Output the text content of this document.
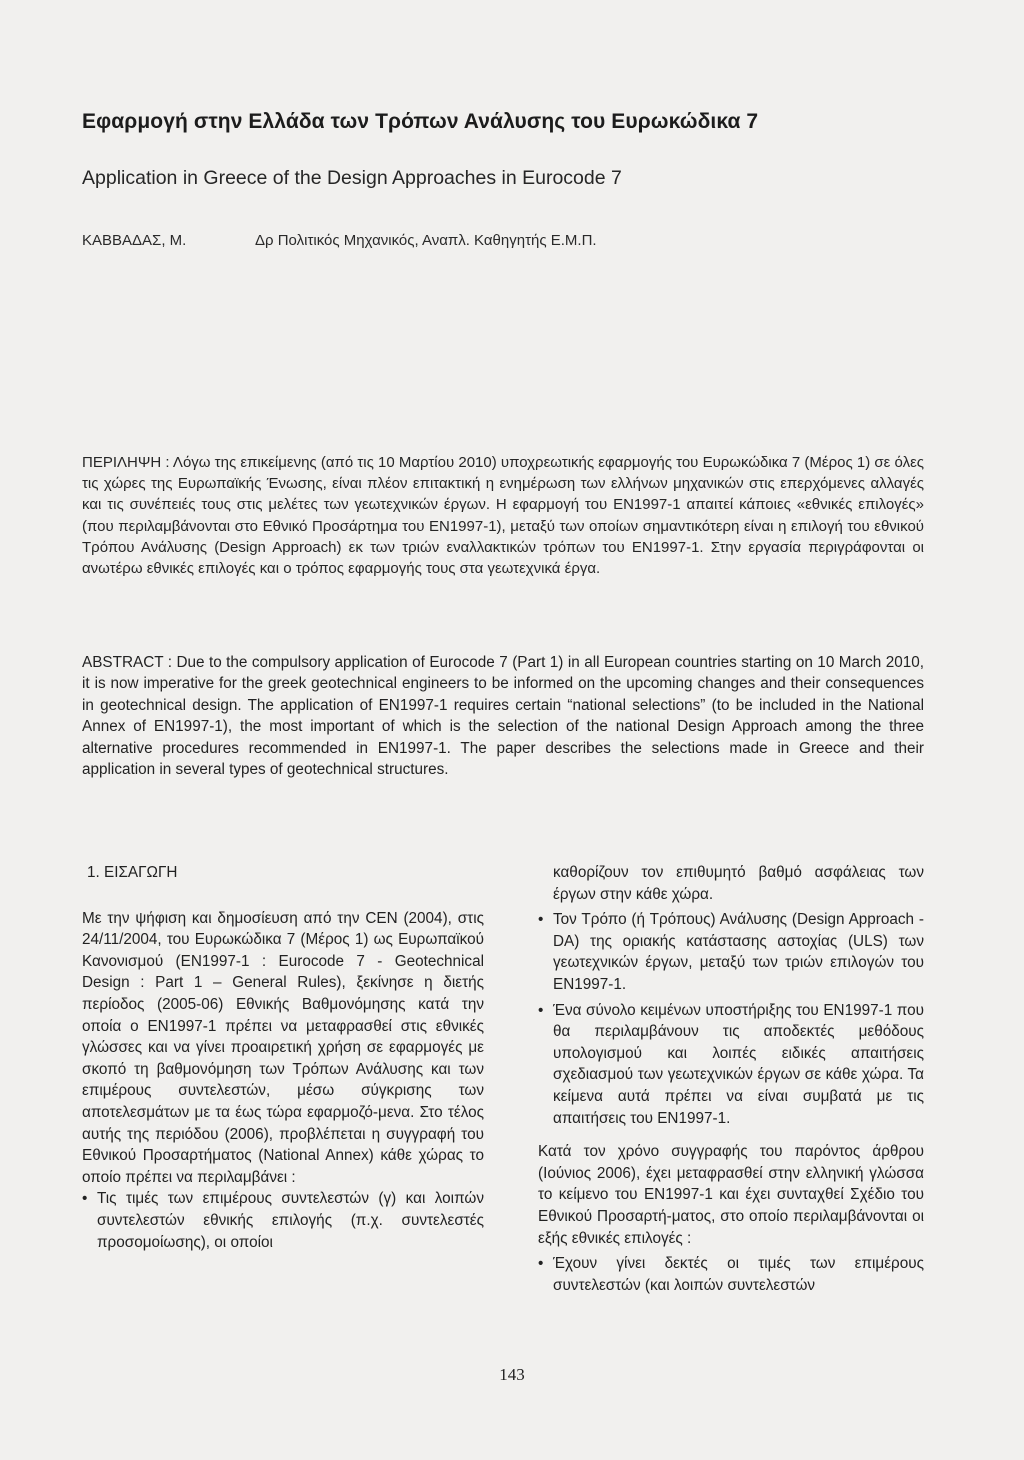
Εφαρμογή στην Ελλάδα των Τρόπων Ανάλυσης του Ευρωκώδικα 7
Application in Greece of the Design Approaches in Eurocode 7
ΚΑΒΒΑΔΑΣ, Μ.	Δρ Πολιτικός Μηχανικός, Αναπλ. Καθηγητής Ε.Μ.Π.
ΠΕΡΙΛΗΨΗ : Λόγω της επικείμενης (από τις 10 Μαρτίου 2010) υποχρεωτικής εφαρμογής του Ευρωκώδικα 7 (Μέρος 1) σε όλες τις χώρες της Ευρωπαϊκής Ένωσης, είναι πλέον επιτακτική η ενημέρωση των ελλήνων μηχανικών στις επερχόμενες αλλαγές και τις συνέπειές τους στις μελέτες των γεωτεχνικών έργων. Η εφαρμογή του ΕΝ1997-1 απαιτεί κάποιες «εθνικές επιλογές» (που περιλαμβάνονται στο Εθνικό Προσάρτημα του ΕΝ1997-1), μεταξύ των οποίων σημαντικότερη είναι η επιλογή του εθνικού Τρόπου Ανάλυσης (Design Approach) εκ των τριών εναλλακτικών τρόπων του ΕΝ1997-1. Στην εργασία περιγράφονται οι ανωτέρω εθνικές επιλογές και ο τρόπος εφαρμογής τους στα γεωτεχνικά έργα.
ABSTRACT : Due to the compulsory application of Eurocode 7 (Part 1) in all European countries starting on 10 March 2010, it is now imperative for the greek geotechnical engineers to be informed on the upcoming changes and their consequences in geotechnical design. The application of EN1997-1 requires certain “national selections” (to be included in the National Annex of EN1997-1), the most important of which is the selection of the national Design Approach among the three alternative procedures recommended in EN1997-1. The paper describes the selections made in Greece and their application in several types of geotechnical structures.
1. ΕΙΣΑΓΩΓΗ

Με την ψήφιση και δημοσίευση από την CEN (2004), στις 24/11/2004, του Ευρωκώδικα 7 (Μέρος 1) ως Ευρωπαϊκού Κανονισμού (EN1997-1 : Eurocode 7 - Geotechnical Design : Part 1 – General Rules), ξεκίνησε η διετής περίοδος (2005-06) Εθνικής Βαθμονόμησης κατά την οποία ο EN1997-1 πρέπει να μεταφρασθεί στις εθνικές γλώσσες και να γίνει προαιρετική χρήση σε εφαρμογές με σκοπό τη βαθμονόμηση των Τρόπων Ανάλυσης και των επιμέρους συντελεστών, μέσω σύγκρισης των αποτελεσμάτων με τα έως τώρα εφαρμοζό-μενα. Στο τέλος αυτής της περιόδου (2006), προβλέπεται η συγγραφή του Εθνικού Προσαρτήματος (National Annex) κάθε χώρας το οποίο πρέπει να περιλαμβάνει :

• Τις τιμές των επιμέρους συντελεστών (γ) και λοιπών συντελεστών εθνικής επιλογής (π.χ. συντελεστές προσομοίωσης), οι οποίοι
καθορίζουν τον επιθυμητό βαθμό ασφάλειας των έργων στην κάθε χώρα.
• Τον Τρόπο (ή Τρόπους) Ανάλυσης (Design Approach - DA) της οριακής κατάστασης αστοχίας (ULS) των γεωτεχνικών έργων, μεταξύ των τριών επιλογών του EN1997-1.
• Ένα σύνολο κειμένων υποστήριξης του EN1997-1 που θα περιλαμβάνουν τις αποδεκτές μεθόδους υπολογισμού και λοιπές ειδικές απαιτήσεις σχεδιασμού των γεωτεχνικών έργων σε κάθε χώρα. Τα κείμενα αυτά πρέπει να είναι συμβατά με τις απαιτήσεις του EN1997-1.

Κατά τον χρόνο συγγραφής του παρόντος άρθρου (Ιούνιος 2006), έχει μεταφρασθεί στην ελληνική γλώσσα το κείμενο του EN1997-1 και έχει συνταχθεί Σχέδιο του Εθνικού Προσαρτή-ματος, στο οποίο περιλαμβάνονται οι εξής εθνικές επιλογές :

• Έχουν γίνει δεκτές οι τιμές των επιμέρους συντελεστών (και λοιπών συντελεστών
143
